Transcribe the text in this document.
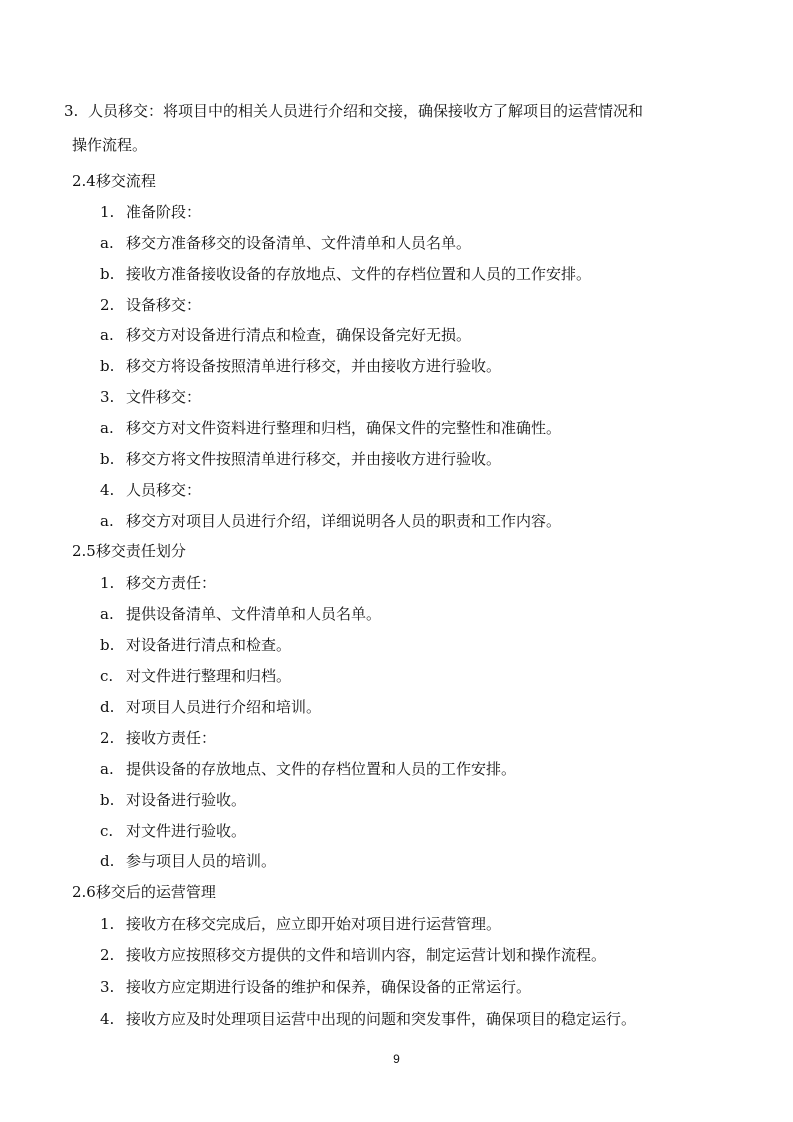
3. 人员移交：将项目中的相关人员进行介绍和交接，确保接收方了解项目的运营情况和
操作流程。
2.4移交流程
1. 准备阶段：
a. 移交方准备移交的设备清单、文件清单和人员名单。
b. 接收方准备接收设备的存放地点、文件的存档位置和人员的工作安排。
2. 设备移交：
a. 移交方对设备进行清点和检查，确保设备完好无损。
b. 移交方将设备按照清单进行移交，并由接收方进行验收。
3. 文件移交：
a. 移交方对文件资料进行整理和归档，确保文件的完整性和准确性。
b. 移交方将文件按照清单进行移交，并由接收方进行验收。
4. 人员移交：
a. 移交方对项目人员进行介绍，详细说明各人员的职责和工作内容。
2.5移交责任划分
1. 移交方责任：
a. 提供设备清单、文件清单和人员名单。
b. 对设备进行清点和检查。
c. 对文件进行整理和归档。
d. 对项目人员进行介绍和培训。
2. 接收方责任：
a. 提供设备的存放地点、文件的存档位置和人员的工作安排。
b. 对设备进行验收。
c. 对文件进行验收。
d. 参与项目人员的培训。
2.6移交后的运营管理
1. 接收方在移交完成后，应立即开始对项目进行运营管理。
2. 接收方应按照移交方提供的文件和培训内容，制定运营计划和操作流程。
3. 接收方应定期进行设备的维护和保养，确保设备的正常运行。
4. 接收方应及时处理项目运营中出现的问题和突发事件，确保项目的稳定运行。
9
